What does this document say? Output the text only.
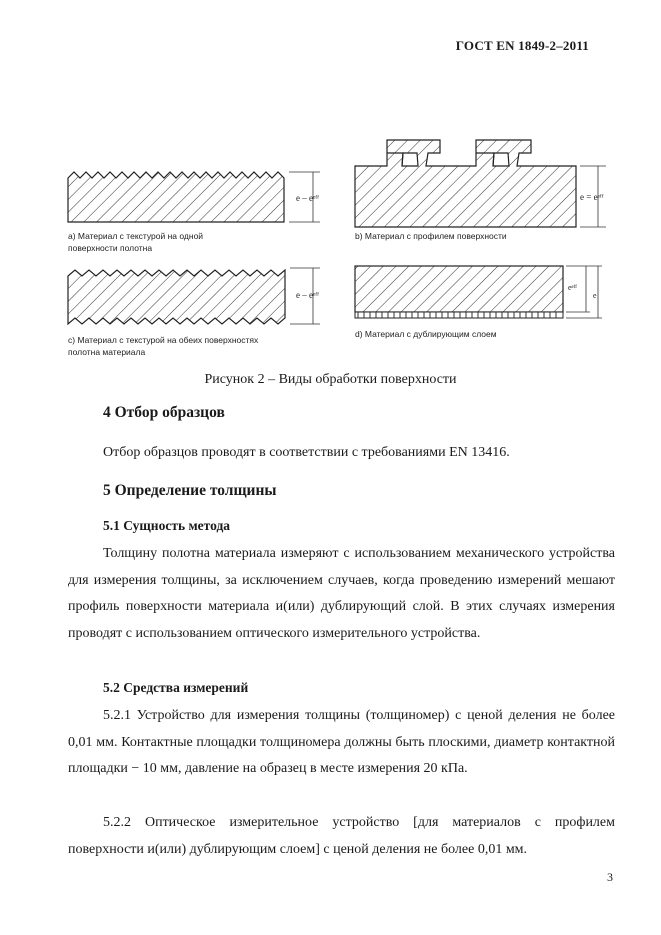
ГОСТ EN 1849-2–2011
е – eᵉᶠᶠ	е = eᵉᶠᶠ
е – eᵉᶠᶠ
eᵉᶠᶠ
е
а) Материал с текстурой на одной
поверхности полотна
b) Материал с профилем поверхности
с) Материал с текстурой на обеих поверхностях
полотна материала
d) Материал с дублирующим слоем
Рисунок 2 – Виды обработки поверхности
4 Отбор образцов
Отбор образцов проводят в соответствии с требованиями EN 13416.
5 Определение толщины
5.1 Сущность метода
Толщину полотна материала измеряют с использованием механического устройства для измерения толщины, за исключением случаев, когда проведению измерений мешают профиль поверхности материала и(или) дублирующий слой. В этих случаях измерения проводят с использованием оптического измерительного устройства.
5.2 Средства измерений
5.2.1 Устройство для измерения толщины (толщиномер) с ценой деления не более 0,01 мм. Контактные площадки толщиномера должны быть плоскими, диаметр контактной площадки − 10 мм, давление на образец в месте измерения 20 кПа.
5.2.2 Оптическое измерительное устройство [для материалов с профилем поверхности и(или) дублирующим слоем] с ценой деления не более 0,01 мм.
3
